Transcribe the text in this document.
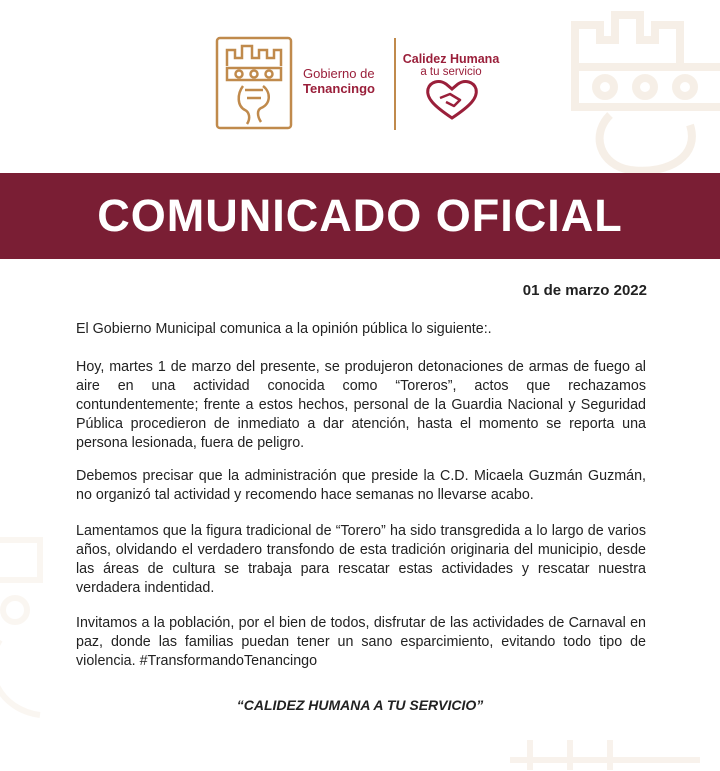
Gobierno de
Tenancingo
Calidez Humana
a tu servicio
COMUNICADO OFICIAL
01 de marzo 2022

El Gobierno Municipal comunica a la opinión pública lo siguiente:.

Hoy, martes 1 de marzo del presente, se produjeron detonaciones de armas de fuego al aire en una actividad conocida como “Toreros”, actos que rechazamos contundentemente; frente a estos hechos, personal de la Guardia Nacional y Seguridad Pública procedieron de inmediato a dar atención, hasta el momento se reporta una persona lesionada, fuera de peligro.

Debemos precisar que la administración que preside la C.D. Micaela Guzmán Guzmán, no organizó tal actividad y recomendo hace semanas no llevarse acabo.

Lamentamos que la figura tradicional de “Torero” ha sido transgredida a lo largo de varios años, olvidando el verdadero transfondo de esta tradición originaria del municipio, desde las áreas de cultura se trabaja para rescatar estas actividades y rescatar nuestra verdadera indentidad.

Invitamos a la población, por el bien de todos, disfrutar de las actividades de Carnaval en paz, donde las familias puedan tener un sano esparcimiento, evitando todo tipo de violencia. #TransformandoTenancingo

“CALIDEZ HUMANA A TU SERVICIO”
